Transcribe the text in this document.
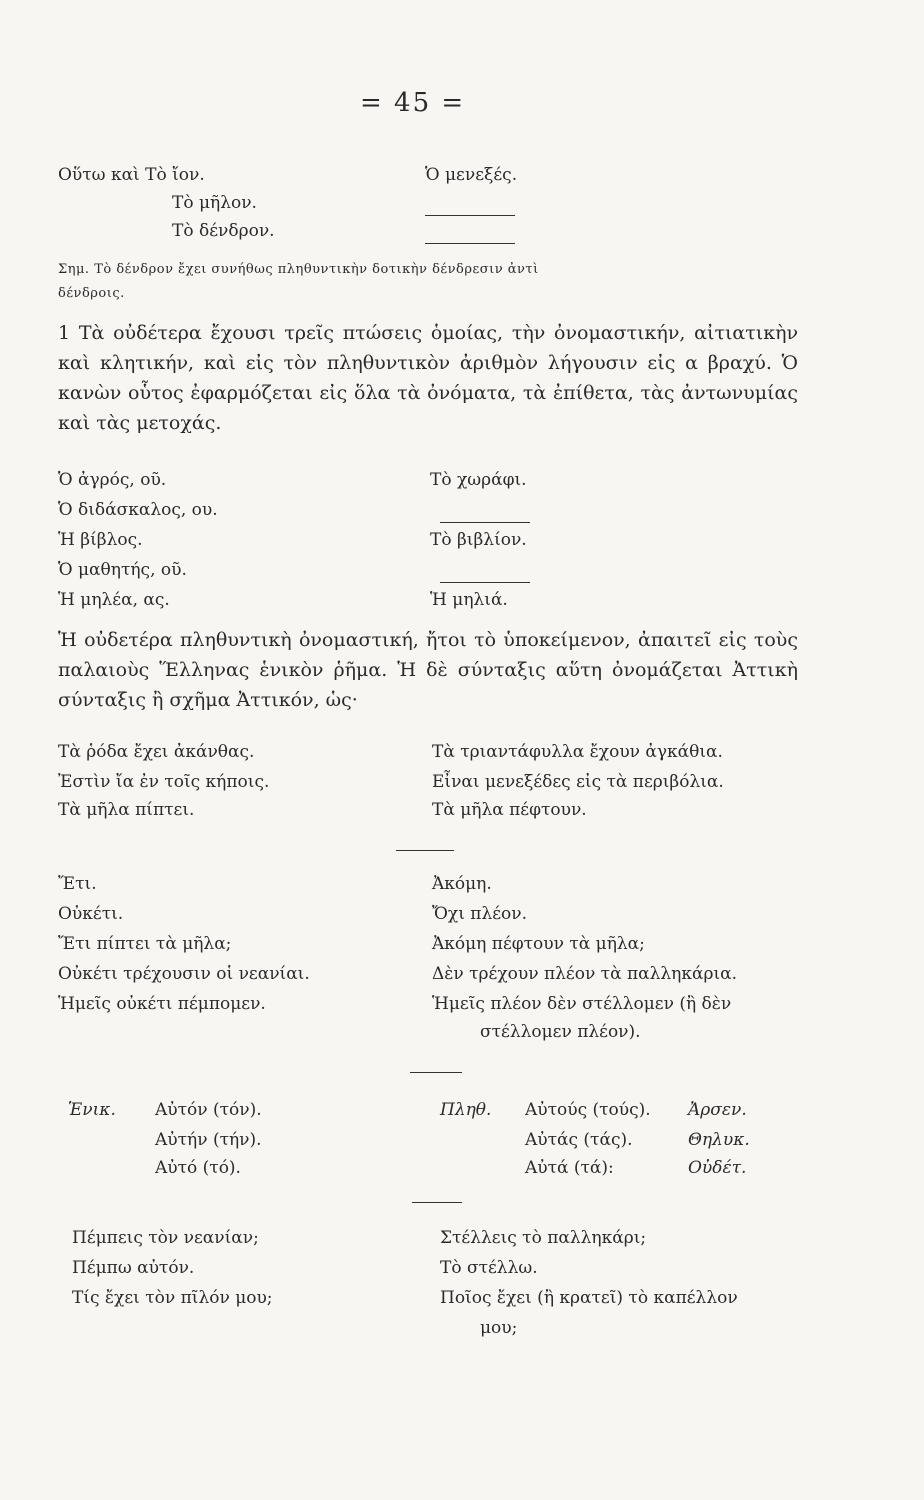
= 45 =
Οὕτω καὶ Τὸ ἴον.
Τὸ μῆλον.
Τὸ δένδρον.
Ὁ μενεξές.
Σημ. Τὸ δένδρον ἔχει συνήθως πληθυντικὴν δοτικὴν δένδρεσιν ἀντὶ
δένδροις.
1 Τὰ οὐδέτερα ἔχουσι τρεῖς πτώσεις ὁμοίας, τὴν ὀνομαστικήν, αἰτιατικὴν καὶ κλητικήν, καὶ εἰς τὸν πληθυντικὸν ἀριθμὸν λήγουσιν εἰς α βραχύ. Ὁ κανὼν οὗτος ἐφαρμόζεται εἰς ὅλα τὰ ὀνόματα, τὰ ἐπίθετα, τὰς ἀντωνυμίας καὶ τὰς μετοχάς.
Ὁ ἀγρός, οῦ.
Ὁ διδάσκαλος, ου.
Ἡ βίβλος.
Ὁ μαθητής, οῦ.
Ἡ μηλέα, ας.
Τὸ χωράφι.
Τὸ βιβλίον.
Ἡ μηλιά.
Ἡ οὐδετέρα πληθυντικὴ ὀνομαστική, ἤτοι τὸ ὑποκείμενον, ἀπαιτεῖ εἰς τοὺς παλαιοὺς Ἕλληνας ἑνικὸν ῥῆμα. Ἡ δὲ σύνταξις αὕτη ὀνομάζεται Ἀττικὴ σύνταξις ἢ σχῆμα Ἀττικόν, ὡς·
Τὰ ῥόδα ἔχει ἀκάνθας.
Ἐστὶν ἴα ἐν τοῖς κήποις.
Τὰ μῆλα πίπτει.
Τὰ τριαντάφυλλα ἔχουν ἀγκάθια.
Εἶναι μενεξέδες εἰς τὰ περιβόλια.
Τὰ μῆλα πέφτουν.
Ἔτι.
Οὐκέτι.
Ἔτι πίπτει τὰ μῆλα;
Οὐκέτι τρέχουσιν οἱ νεανίαι.
Ἡμεῖς οὐκέτι πέμπομεν.
Ἀκόμη.
Ὄχι πλέον.
Ἀκόμη πέφτουν τὰ μῆλα;
Δὲν τρέχουν πλέον τὰ παλληκάρια.
Ἡμεῖς πλέον δὲν στέλλομεν (ἢ δὲν
στέλλομεν πλέον).
Ἑνικ. Αὐτόν (τόν).
Αὐτήν (τήν).
Αὐτό (τό).
Πληθ. Αὐτούς (τούς).
Αὐτάς (τάς).
Αὐτά (τά):
Ἀρσεν.
Θηλυκ.
Οὐδέτ.
Πέμπεις τὸν νεανίαν;
Πέμπω αὐτόν.
Τίς ἔχει τὸν πῖλόν μου;
Στέλλεις τὸ παλληκάρι;
Τὸ στέλλω.
Ποῖος ἔχει (ἢ κρατεῖ) τὸ καπέλλον
μου;
